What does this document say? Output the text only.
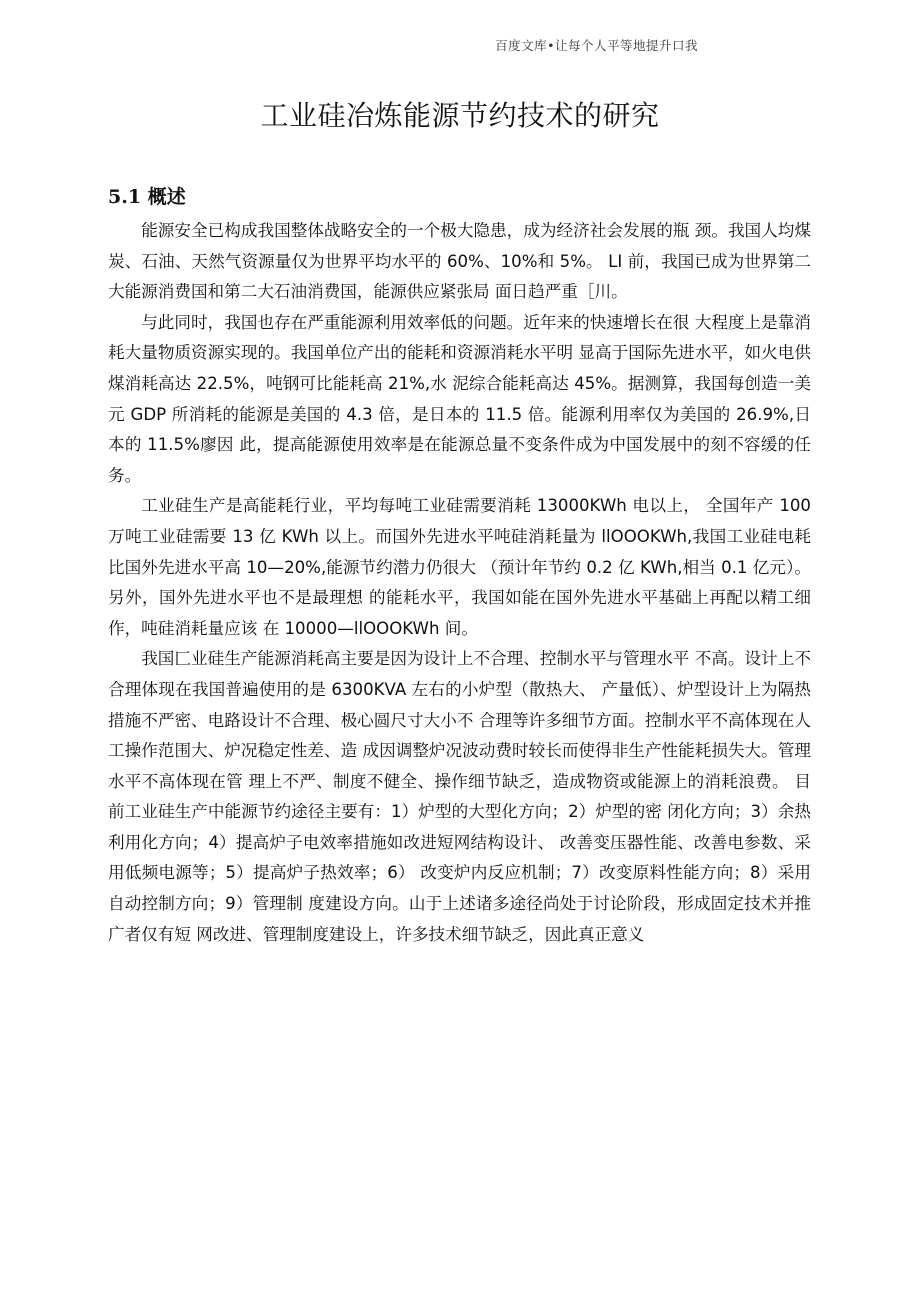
百度文库•让每个人平等地提升口我
工业硅冶炼能源节约技术的研究
5.1 概述

能源安全已构成我国整体战略安全的一个极大隐患，成为经济社会发展的瓶 颈。我国人均煤炭、石油、天然气资源量仅为世界平均水平的 60%、10%和 5%。 LI 前，我国已成为世界第二大能源消费国和第二大石油消费国，能源供应紧张局 面日趋严重［川。

与此同时，我国也存在严重能源利用效率低的问题。近年来的快速增长在很 大程度上是靠消耗大量物质资源实现的。我国单位产出的能耗和资源消耗水平明 显高于国际先进水平，如火电供煤消耗高达 22.5%，吨钢可比能耗高 21%,水 泥综合能耗高达 45%。据测算，我国每创造一美元 GDP 所消耗的能源是美国的 4.3 倍，是日本的 11.5 倍。能源利用率仅为美国的 26.9%,日本的 11.5%廖因 此，提高能源使用效率是在能源总量不变条件成为中国发展中的刻不容缓的任 务。

工业硅生产是高能耗行业，平均每吨工业硅需要消耗 13000KWh 电以上， 全国年产 100 万吨工业硅需要 13 亿 KWh 以上。而国外先进水平吨硅消耗量为 llOOOKWh,我国工业硅电耗比国外先进水平高 10—20%,能源节约潜力仍很大 （预计年节约 0.2 亿 KWh,相当 0.1 亿元）。另外，国外先进水平也不是最理想 的能耗水平，我国如能在国外先进水平基础上再配以精工细作，吨硅消耗量应该 在 10000—llOOOKWh 间。

我国匚业硅生产能源消耗高主要是因为设计上不合理、控制水平与管理水平 不高。设计上不合理体现在我国普遍使用的是 6300KVA 左右的小炉型（散热大、 产量低）、炉型设计上为隔热措施不严密、电路设计不合理、极心圆尺寸大小不 合理等许多细节方面。控制水平不高体现在人工操作范围大、炉况稳定性差、造 成因调整炉况波动费时较长而使得非生产性能耗损失大。管理水平不高体现在管 理上不严、制度不健全、操作细节缺乏，造成物资或能源上的消耗浪费。 目前工业硅生产中能源节约途径主要有：1）炉型的大型化方向；2）炉型的密 闭化方向；3）余热利用化方向；4）提高炉子电效率措施如改进短网结构设计、 改善变压器性能、改善电参数、采用低频电源等；5）提高炉子热效率；6） 改变炉内反应机制；7）改变原料性能方向；8）采用自动控制方向；9）管理制 度建设方向。山于上述诸多途径尚处于讨论阶段，形成固定技术并推广者仅有短 网改进、管理制度建设上，许多技术细节缺乏，因此真正意义
